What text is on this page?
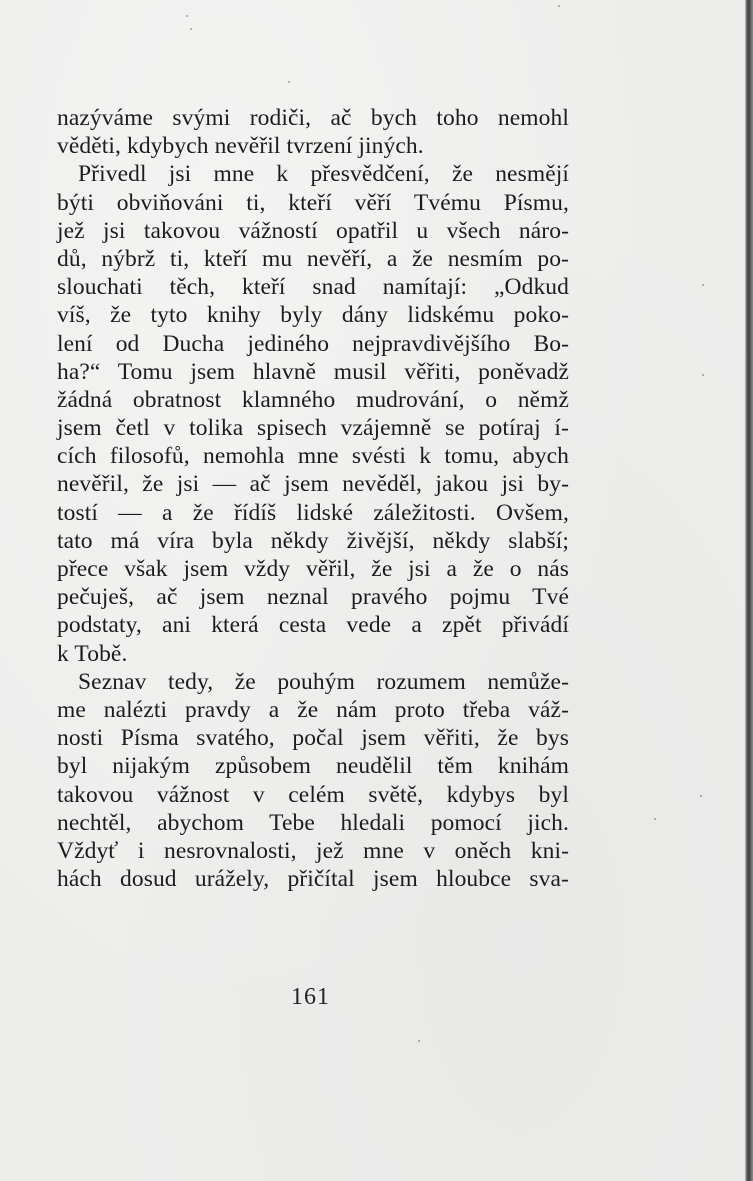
nazýváme svými rodiči, ač bych toho nemohl
věděti, kdybych nevěřil tvrzení jiných.
Přivedl jsi mne k přesvědčení, že nesmějí
býti obviňováni ti, kteří věří Tvému Písmu,
jež jsi takovou vážností opatřil u všech náro-
dů, nýbrž ti, kteří mu nevěří, a že nesmím po-
slouchati těch, kteří snad namítají: „Odkud
víš, že tyto knihy byly dány lidskému poko-
lení od Ducha jediného nejpravdivějšího Bo-
ha?“ Tomu jsem hlavně musil věřiti, poněvadž
žádná obratnost klamného mudrování, o němž
jsem četl v tolika spisech vzájemně se potíraj í-
cích filosofů, nemohla mne svésti k tomu, abych
nevěřil, že jsi — ač jsem nevěděl, jakou jsi by-
tostí — a že řídíš lidské záležitosti. Ovšem,
tato má víra byla někdy živější, někdy slabší;
přece však jsem vždy věřil, že jsi a že o nás
pečuješ, ač jsem neznal pravého pojmu Tvé
podstaty, ani která cesta vede a zpět přivádí
k Tobě.
Seznav tedy, že pouhým rozumem nemůže-
me nalézti pravdy a že nám proto třeba váž-
nosti Písma svatého, počal jsem věřiti, že bys
byl nijakým způsobem neudělil těm knihám
takovou vážnost v celém světě, kdybys byl
nechtěl, abychom Tebe hledali pomocí jich.
Vždyť i nesrovnalosti, jež mne v oněch kni-
hách dosud urážely, přičítal jsem hloubce sva-
161
